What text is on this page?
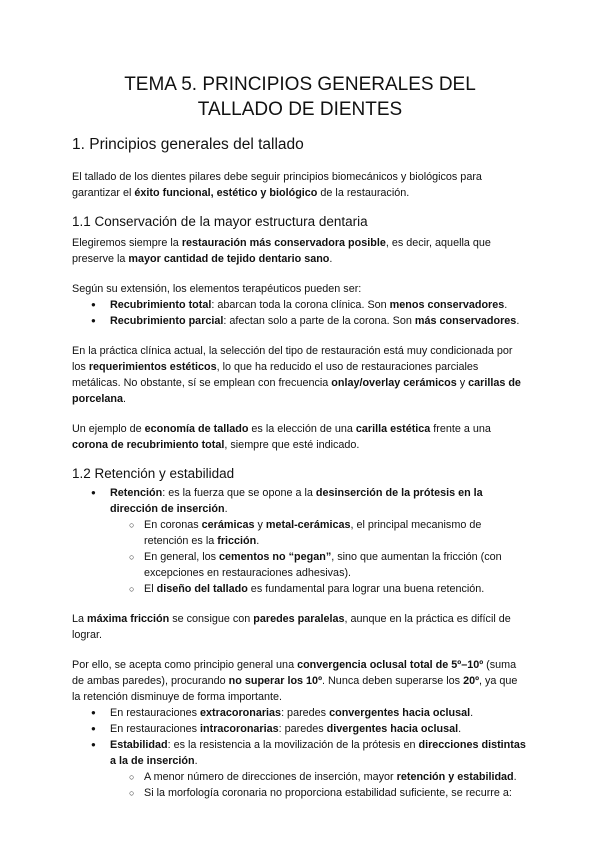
TEMA 5. PRINCIPIOS GENERALES DEL TALLADO DE DIENTES
1. Principios generales del tallado

El tallado de los dientes pilares debe seguir principios biomecánicos y biológicos para garantizar el éxito funcional, estético y biológico de la restauración.

1.1 Conservación de la mayor estructura dentaria

Elegiremos siempre la restauración más conservadora posible, es decir, aquella que preserve la mayor cantidad de tejido dentario sano.

Según su extensión, los elementos terapéuticos pueden ser:

● Recubrimiento total: abarcan toda la corona clínica. Son menos conservadores.
● Recubrimiento parcial: afectan solo a parte de la corona. Son más conservadores.

En la práctica clínica actual, la selección del tipo de restauración está muy condicionada por los requerimientos estéticos, lo que ha reducido el uso de restauraciones parciales metálicas. No obstante, sí se emplean con frecuencia onlay/overlay cerámicos y carillas de porcelana.

Un ejemplo de economía de tallado es la elección de una carilla estética frente a una corona de recubrimiento total, siempre que esté indicado.

1.2 Retención y estabilidad
● Retención: es la fuerza que se opone a la desinserción de la prótesis en la dirección de inserción.
○ En coronas cerámicas y metal-cerámicas, el principal mecanismo de retención es la fricción.
○ En general, los cementos no “pegan”, sino que aumentan la fricción (con excepciones en restauraciones adhesivas).
○ El diseño del tallado es fundamental para lograr una buena retención.

La máxima fricción se consigue con paredes paralelas, aunque en la práctica es difícil de lograr.

Por ello, se acepta como principio general una convergencia oclusal total de 5º–10º (suma de ambas paredes), procurando no superar los 10º. Nunca deben superarse los 20º, ya que la retención disminuye de forma importante.

● En restauraciones extracoronarias: paredes convergentes hacia oclusal.
● En restauraciones intracoronarias: paredes divergentes hacia oclusal.
● Estabilidad: es la resistencia a la movilización de la prótesis en direcciones distintas a la de inserción.
○ A menor número de direcciones de inserción, mayor retención y estabilidad.
○ Si la morfología coronaria no proporciona estabilidad suficiente, se recurre a:
